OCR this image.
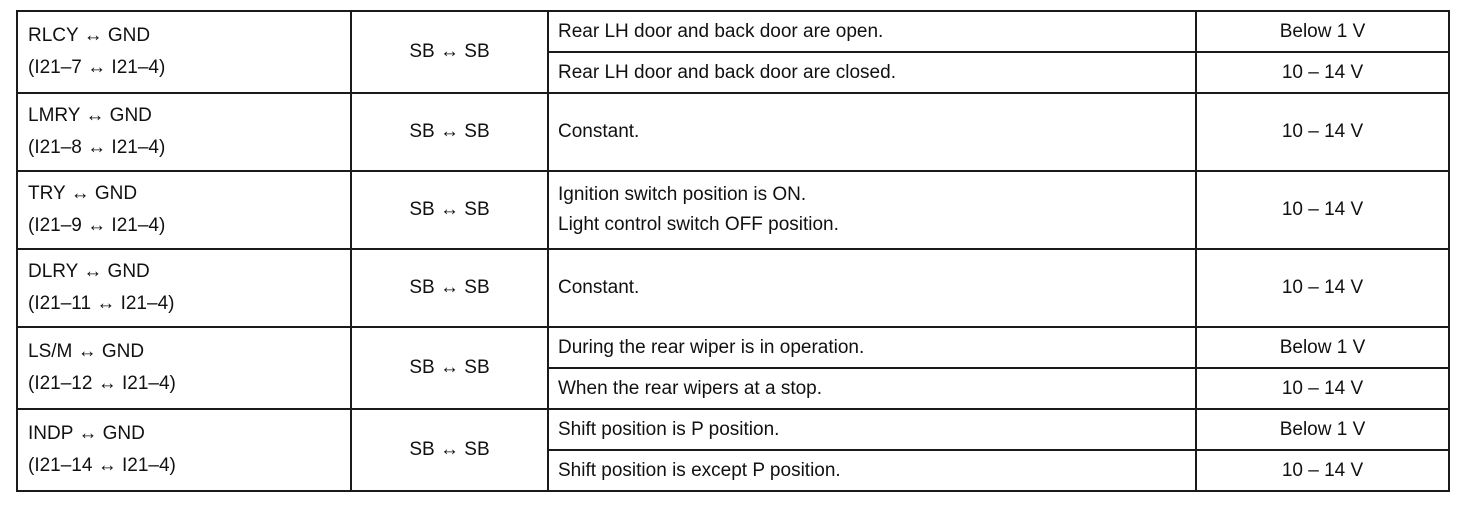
RLCY ↔ GND
(I21–7 ↔ I21–4)	SB ↔ SB	Rear LH door and back door are open.	Below 1 V
		Rear LH door and back door are closed.	10 – 14 V

LMRY ↔ GND
(I21–8 ↔ I21–4)	SB ↔ SB	Constant.	10 – 14 V

TRY ↔ GND
(I21–9 ↔ I21–4)	SB ↔ SB	Ignition switch position is ON.
Light control switch OFF position.	10 – 14 V

DLRY ↔ GND
(I21–11 ↔ I21–4)	SB ↔ SB	Constant.	10 – 14 V

LS/M ↔ GND
(I21–12 ↔ I21–4)	SB ↔ SB	During the rear wiper is in operation.	Below 1 V
		When the rear wipers at a stop.	10 – 14 V

INDP ↔ GND
(I21–14 ↔ I21–4)	SB ↔ SB	Shift position is P position.	Below 1 V
		Shift position is except P position.	10 – 14 V
